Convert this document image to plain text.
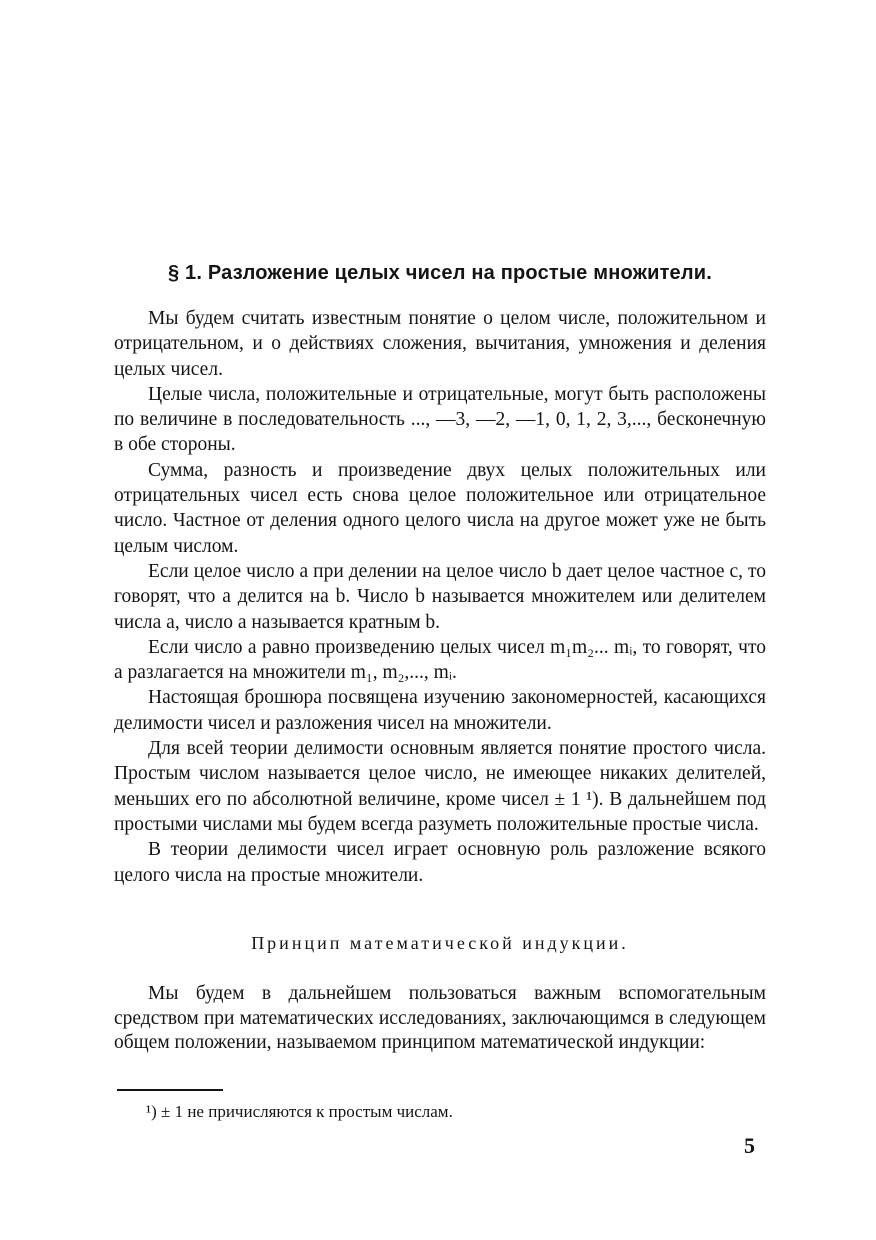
§ 1. Разложение целых чисел на простые множители.

Мы будем считать известным понятие о целом числе, положительном и отрицательном, и о действиях сложения, вычитания, умножения и деления целых чисел.

Целые числа, положительные и отрицательные, могут быть расположены по величине в последовательность ..., —3, —2, —1, 0, 1, 2, 3,..., бесконечную в обе стороны.

Сумма, разность и произведение двух целых положительных или отрицательных чисел есть снова целое положительное или отрицательное число. Частное от деления одного целого числа на другое может уже не быть целым числом.

Если целое число a при делении на целое число b дает целое частное c, то говорят, что a делится на b. Число b называется множителем или делителем числа a, число a называется кратным b.

Если число a равно произведению целых чисел m₁m₂... mᵢ, то говорят, что a разлагается на множители m₁, m₂,..., mᵢ.

Настоящая брошюра посвящена изучению закономерностей, касающихся делимости чисел и разложения чисел на множители.

Для всей теории делимости основным является понятие простого числа. Простым числом называется целое число, не имеющее никаких делителей, меньших его по абсолютной величине, кроме чисел ± 1 ¹). В дальнейшем под простыми числами мы будем всегда разуметь положительные простые числа.

В теории делимости чисел играет основную роль разложение всякого целого числа на простые множители.

Принцип математической индукции.

Мы будем в дальнейшем пользоваться важным вспомогательным средством при математических исследованиях, заключающимся в следующем общем положении, называемом принципом математической индукции:

¹) ± 1 не причисляются к простым числам.

5
